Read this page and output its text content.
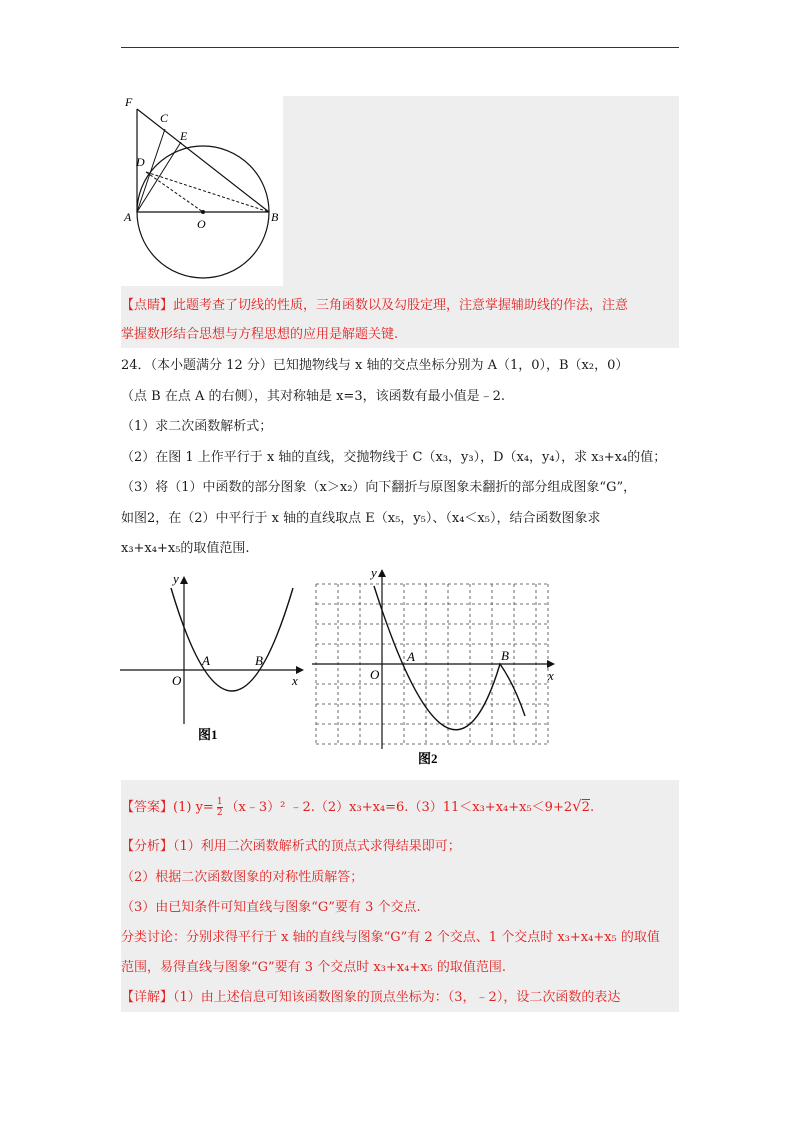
F
C
E
D
A	O	B
【点睛】此题考查了切线的性质，三角函数以及勾股定理，注意掌握辅助线的作法，注意
掌握数形结合思想与方程思想的应用是解题关键.
24．（本小题满分 12 分）已知抛物线与 x 轴的交点坐标分别为 A（1，0），B（x₂，0）
（点 B 在点 A 的右侧），其对称轴是 x=3，该函数有最小值是﹣2.
（1）求二次函数解析式；
（2）在图 1 上作平行于 x 轴的直线，交抛物线于 C（x₃，y₃），D（x₄，y₄），求 x₃+x₄的值；
（3）将（1）中函数的部分图象（x＞x₂）向下翻折与原图象未翻折的部分组成图象“G”，
如图2，在（2）中平行于 x 轴的直线取点 E（x₅，y₅）、（x₄＜x₅），结合函数图象求
x₃+x₄+x₅的取值范围.
y
x
O
A	B
图1
y
x
O
A	B
图2
【答案】(1) $y= \frac{1}{2}$ （x﹣3）² ﹣2.（2）x₃+x₄=6.（3）11＜x₃+x₄+x₅＜9+2√2.
【分析】（1）利用二次函数解析式的顶点式求得结果即可；
（2）根据二次函数图象的对称性质解答；
（3）由已知条件可知直线与图象“G”要有 3 个交点.
分类讨论：分别求得平行于 x 轴的直线与图象“G”有 2 个交点、1 个交点时 x₃+x₄+x₅ 的取值
范围，易得直线与图象“G”要有 3 个交点时 x₃+x₄+x₅ 的取值范围.
【详解】（1）由上述信息可知该函数图象的顶点坐标为：（3，﹣2），设二次函数的表达
